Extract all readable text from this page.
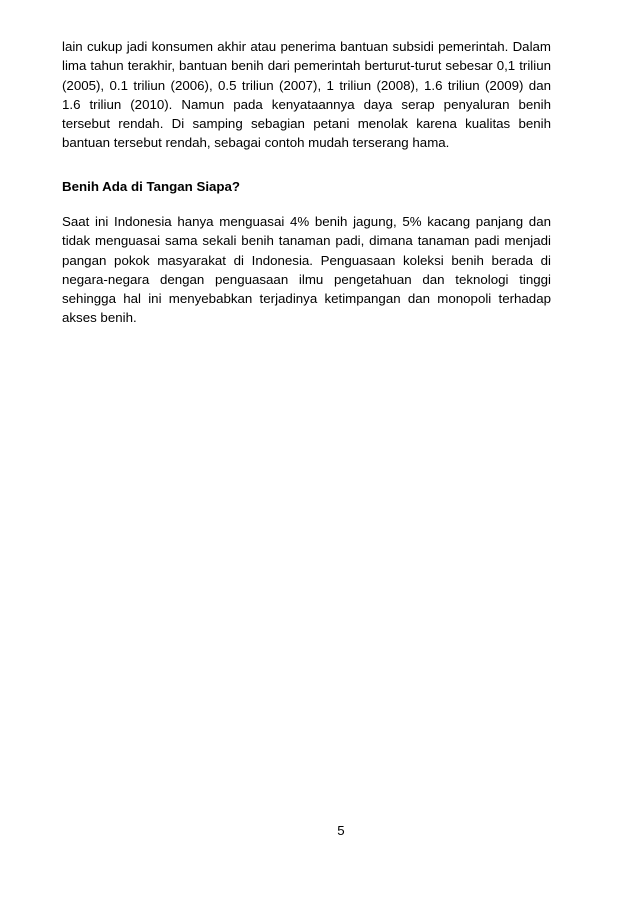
lain cukup jadi konsumen akhir atau penerima bantuan subsidi pemerintah. Dalam lima tahun terakhir, bantuan benih dari pemerintah berturut-turut sebesar 0,1 triliun (2005), 0.1 triliun (2006), 0.5 triliun (2007), 1 triliun (2008), 1.6 triliun (2009) dan 1.6 triliun (2010). Namun pada kenyataannya daya serap penyaluran benih tersebut rendah. Di samping sebagian petani menolak karena kualitas benih bantuan tersebut rendah, sebagai contoh mudah terserang hama.

Benih Ada di Tangan Siapa?

Saat ini Indonesia hanya menguasai 4% benih jagung, 5% kacang panjang dan tidak menguasai sama sekali benih tanaman padi, dimana tanaman padi menjadi pangan pokok masyarakat di Indonesia. Penguasaan koleksi benih berada di negara-negara dengan penguasaan ilmu pengetahuan dan teknologi tinggi sehingga hal ini menyebabkan terjadinya ketimpangan dan monopoli terhadap akses benih.

5
